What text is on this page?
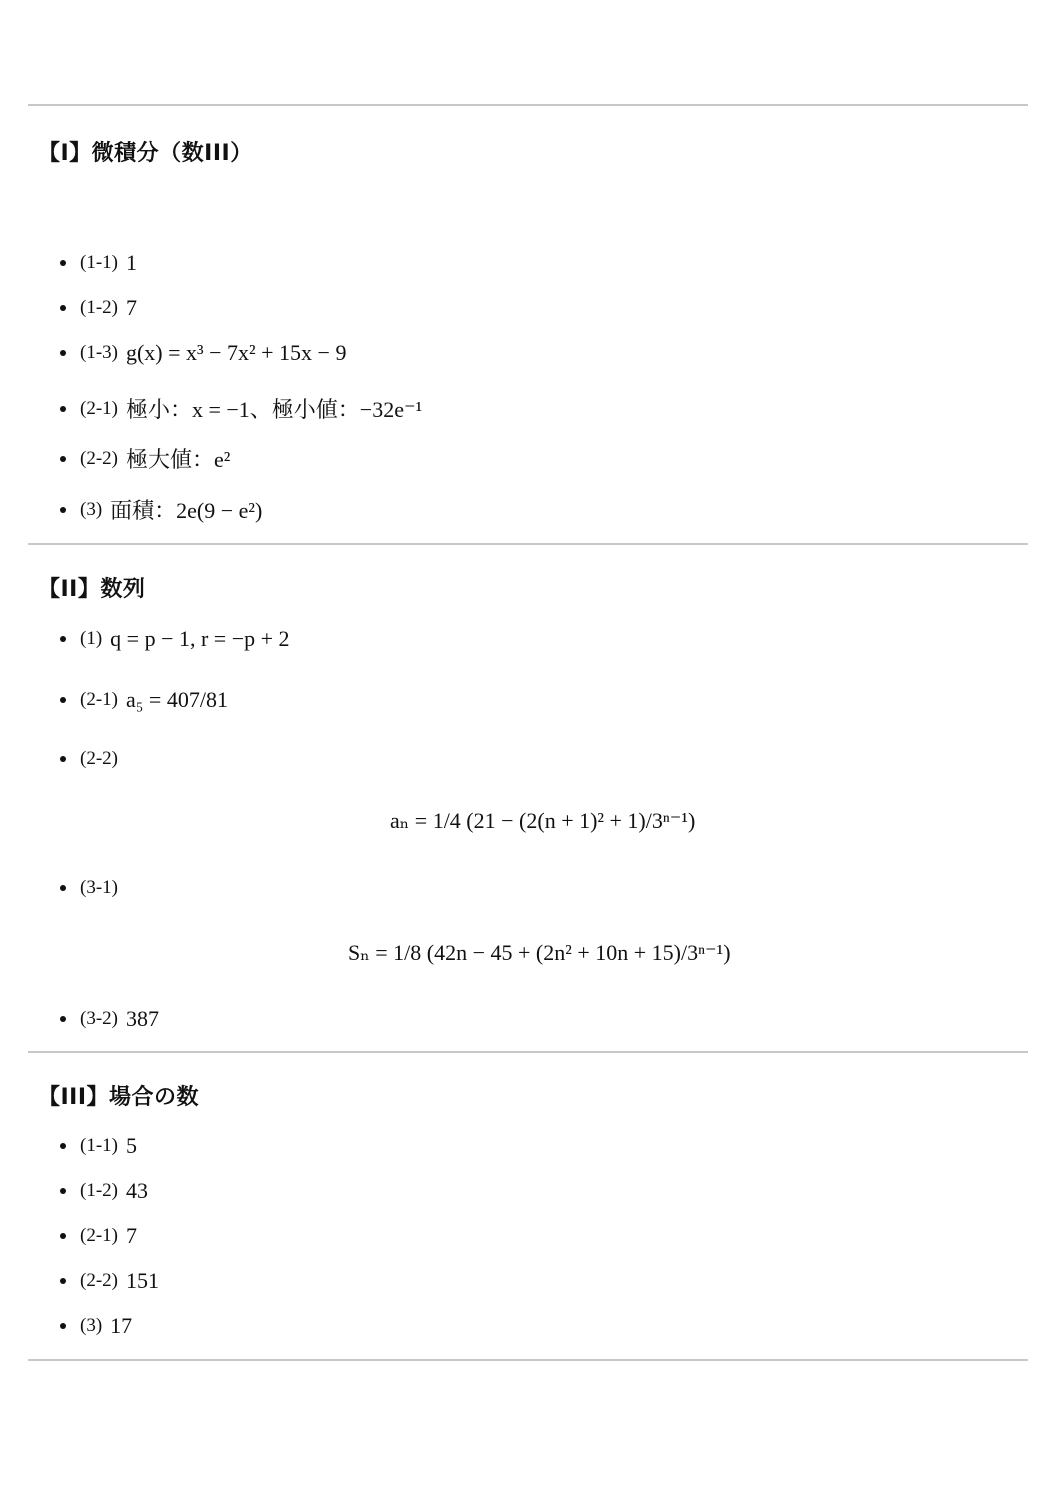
【I】微積分（数III）
(1-1) 1
(1-2) 7
(1-3) g(x) = x³ − 7x² + 15x − 9
(2-1) 極小：x = −1、極小値：−32e⁻¹
(2-2) 極大値：e²
(3) 面積：2e(9 − e²)
【II】数列
(1) q = p − 1, r = −p + 2
(2-1) a₅ = 407/81
(2-2)
aₙ = 1/4 (21 − (2(n + 1)² + 1)/3ⁿ⁻¹)
(3-1)
Sₙ = 1/8 (42n − 45 + (2n² + 10n + 15)/3ⁿ⁻¹)
(3-2) 387
【III】場合の数
(1-1) 5
(1-2) 43
(2-1) 7
(2-2) 151
(3) 17
